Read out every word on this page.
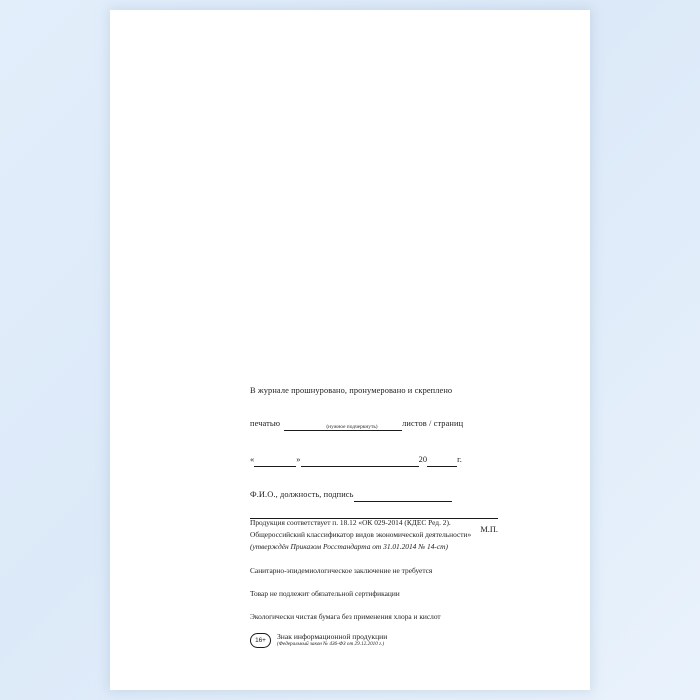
В журнале прошнуровано, пронумеровано и скреплено
печатью	листов / страниц
(нужное подчеркнуть)
«	»	20	г.
Ф.И.О., должность, подпись
М.П.
Продукция соответствует п. 18.12 «ОК 029-2014 (КДЕС Ред. 2).
Общероссийский классификатор видов экономической деятельности»
(утверждён Приказом Росстандарта от 31.01.2014 № 14-ст)
Санитарно-эпидемиологическое заключение не требуется
Товар не подлежит обязательной сертификации
Экологически чистая бумага без применения хлора и кислот
16+	Знак информационной продукции
(Федеральный закон № 436-ФЗ от 29.12.2010 г.)
